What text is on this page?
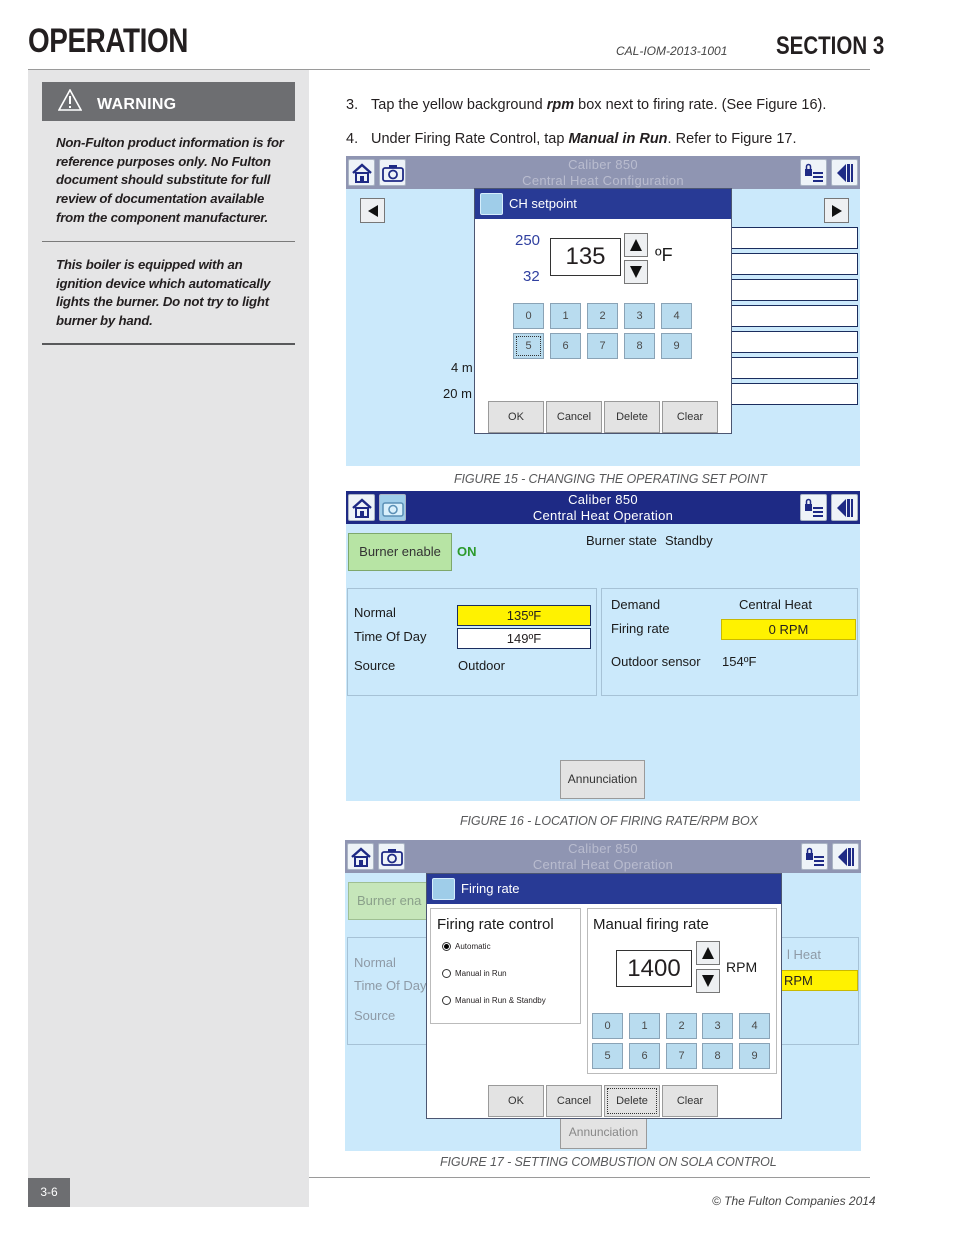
OPERATION	CAL-IOM-2013-1001 SECTION 3
WARNING
Non-Fulton product information is for reference purposes only. No Fulton document should substitute for full review of documentation available from the component manufacturer.
This boiler is equipped with an ignition device which automatically lights the burner. Do not try to light burner by hand.
3. Tap the yellow background rpm box next to firing rate. (See Figure 16).
4. Under Firing Rate Control, tap Manual in Run. Refer to Figure 17.
Caliber 850
Central Heat Configuration
4 m
20 m
CH setpoint
250
32
135	ºF
0	1	2	3	4
5	6	7	8	9
OK	Cancel	Delete	Clear
FIGURE 15 - CHANGING THE OPERATING SET POINT
Caliber 850
Central Heat Operation
Burner enable	ON
Burner state Standby
Normal	135ºF
Time Of Day	149ºF
Source	Outdoor
Demand	Central Heat
Firing rate	0 RPM
Outdoor sensor 154ºF
Annunciation
FIGURE 16 - LOCATION OF FIRING RATE/RPM BOX
Caliber 850
Central Heat Operation
Burner ena
Normal
Time Of Day
Source
l Heat
RPM
Annunciation
Firing rate
Firing rate control
Automatic
Manual in Run
Manual in Run & Standby
Manual firing rate
1400	RPM
0	1	2	3	4
5	6	7	8	9
OK	Cancel	Delete	Clear
FIGURE 17 - SETTING COMBUSTION ON SOLA CONTROL
3-6
© The Fulton Companies 2014
